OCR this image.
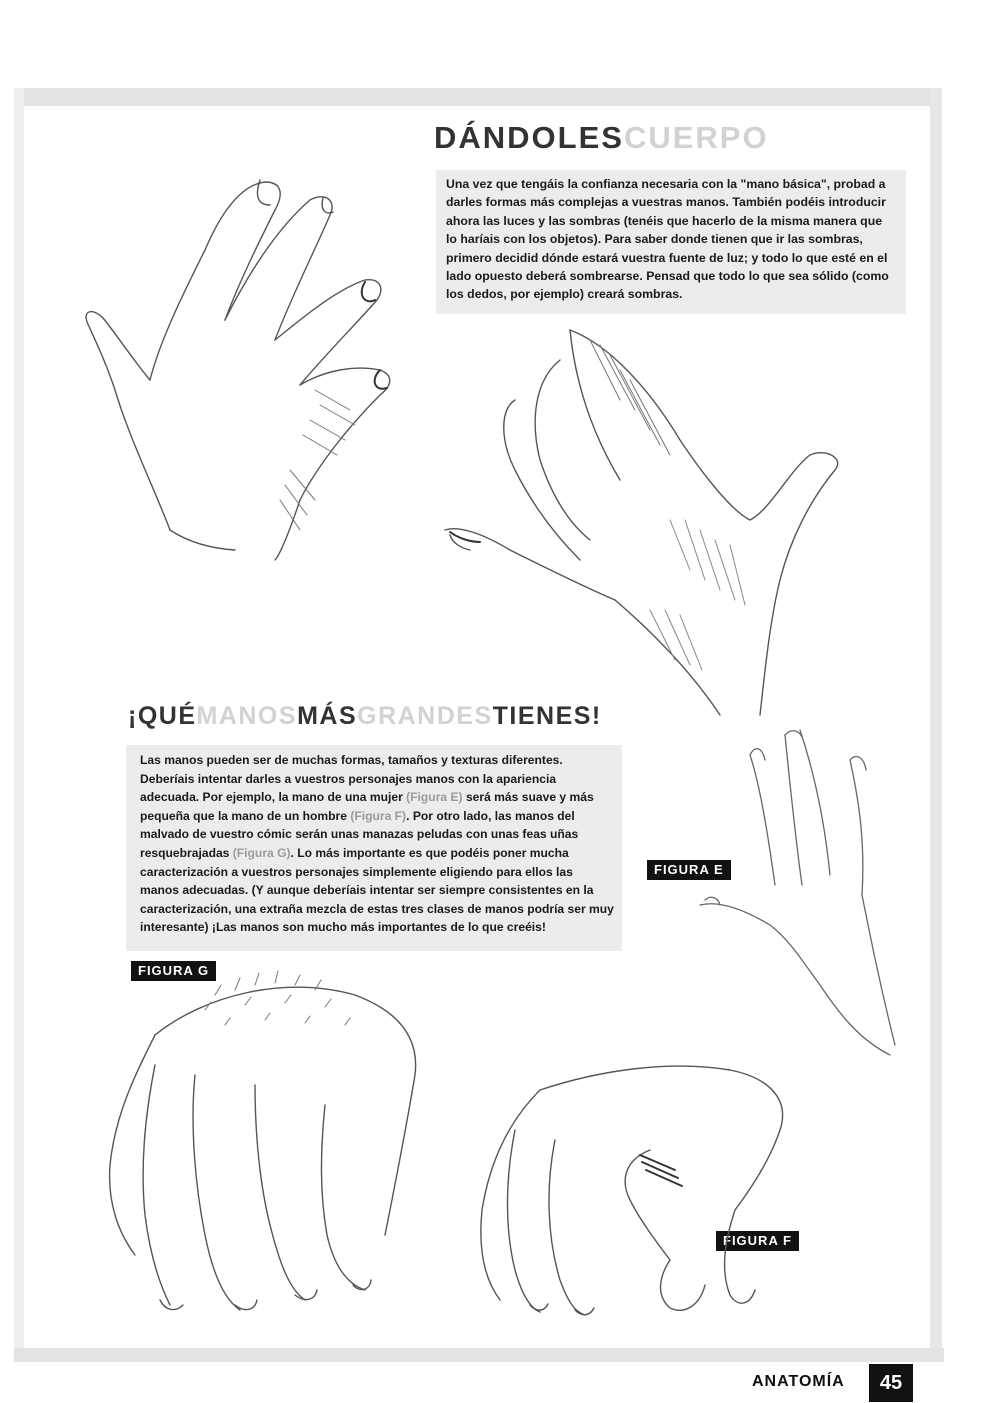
DÁNDOLESCUERPO
Una vez que tengáis la confianza necesaria con la "mano básica", probad a darles formas más complejas a vuestras manos. También podéis introducir ahora las luces y las sombras (tenéis que hacerlo de la misma manera que lo haríais con los objetos). Para saber donde tienen que ir las sombras, primero decidid dónde estará vuestra fuente de luz; y todo lo que esté en el lado opuesto deberá sombrearse. Pensad que todo lo que sea sólido (como los dedos, por ejemplo) creará sombras.
¡QUÉMANOSMÁSGRANDESTIENES!
Las manos pueden ser de muchas formas, tamaños y texturas diferentes. Deberíais intentar darles a vuestros personajes manos con la apariencia adecuada. Por ejemplo, la mano de una mujer (Figura E) será más suave y más pequeña que la mano de un hombre (Figura F). Por otro lado, las manos del malvado de vuestro cómic serán unas manazas peludas con unas feas uñas resquebrajadas (Figura G). Lo más importante es que podéis poner mucha caracterización a vuestros personajes simplemente eligiendo para ellos las manos adecuadas. (Y aunque deberíais intentar ser siempre consistentes en la caracterización, una extraña mezcla de estas tres clases de manos podría ser muy interesante) ¡Las manos son mucho más importantes de lo que creéis!
FIGURA E
FIGURA G
FIGURA F
ANATOMÍA	45
